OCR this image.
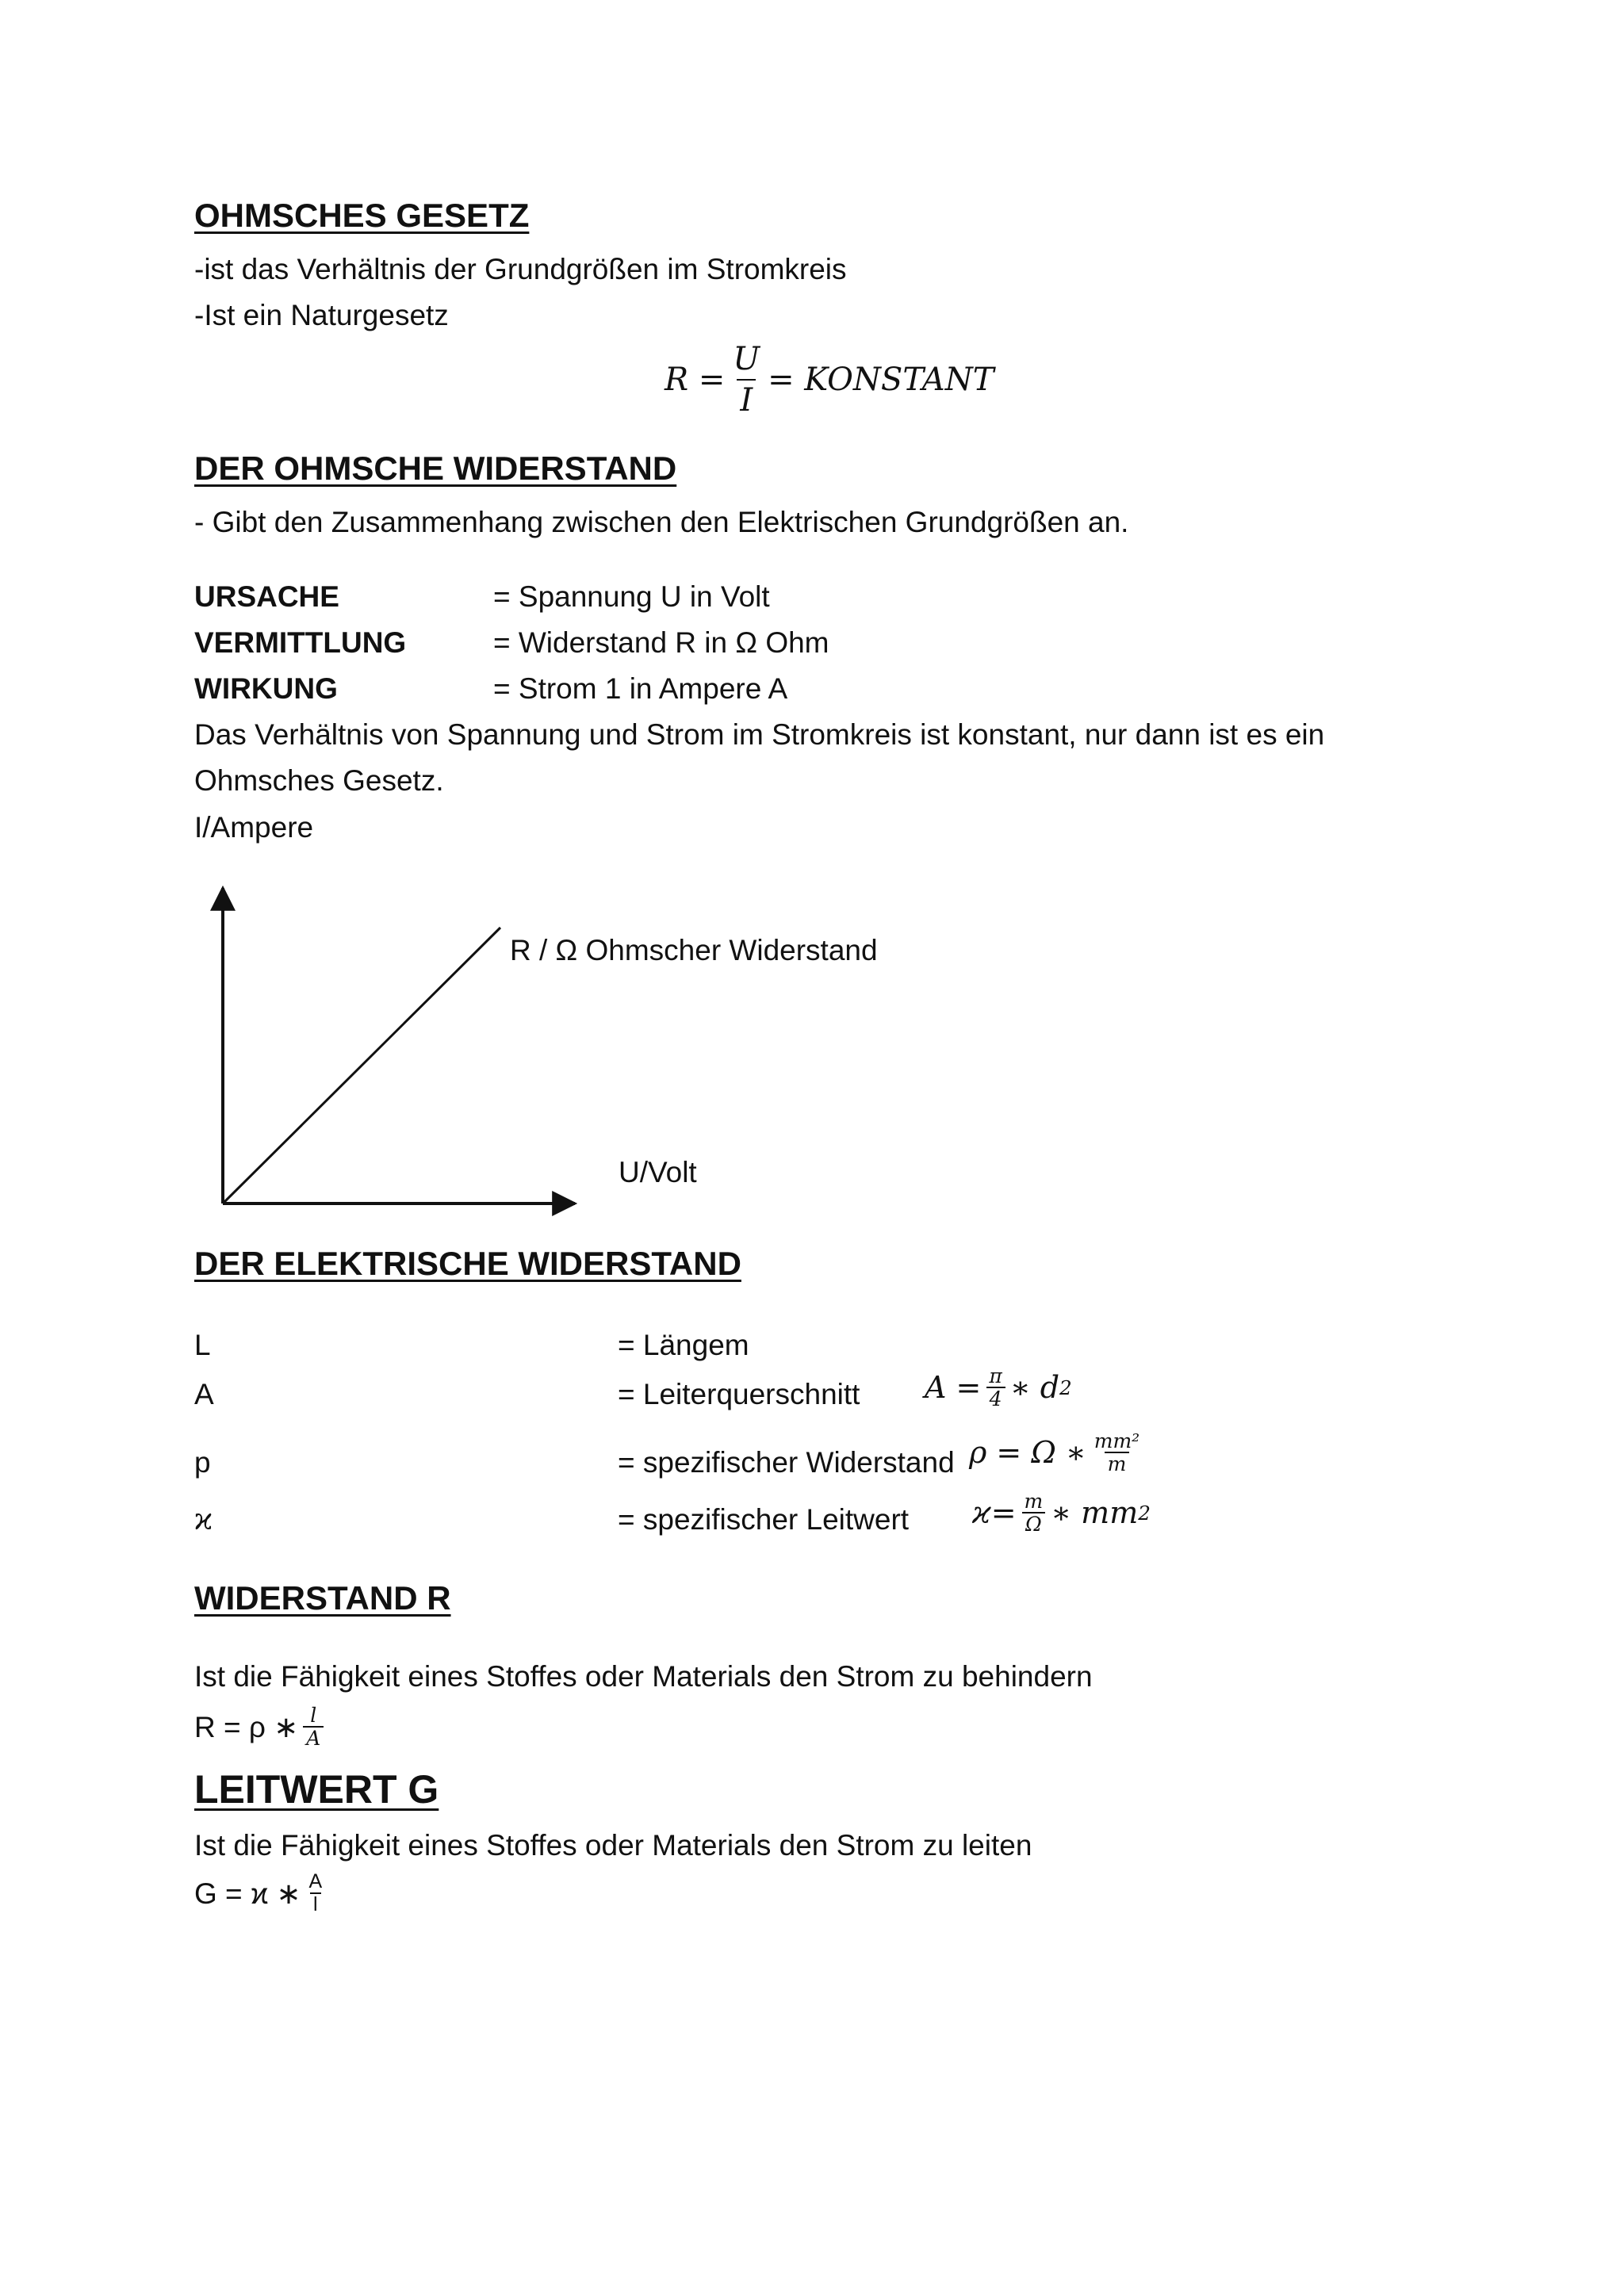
OHMSCHES GESETZ
-ist das Verhältnis der Grundgrößen im Stromkreis
-Ist ein Naturgesetz
$R = \frac{U}{I}$ = KONSTANT
DER OHMSCHE WIDERSTAND
- Gibt den Zusammenhang zwischen den Elektrischen Grundgrößen an.
URSACHE	= Spannung U in Volt
VERMITTLUNG	= Widerstand R in Ω Ohm
WIRKUNG	= Strom 1 in Ampere A
Das Verhältnis von Spannung und Strom im Stromkreis ist konstant, nur dann ist es ein
Ohmsches Gesetz.
I/Ampere
R / Ω Ohmscher Widerstand
U/Volt
DER ELEKTRISCHE WIDERSTAND
L	= Längem
A	= Leiterquerschnitt $A = \frac{\pi}{4}$ ∗ d 2
p	= spezifischer Widerstand ρ = Ω ∗ $\frac{\text{mm²}}{m}$
ϰ	= spezifischer Leitwert $ϰ= \frac{m}{\Omega}$ ∗ mm 2
WIDERSTAND R
Ist die Fähigkeit eines Stoffes oder Materials den Strom zu behindern
R = ρ ∗ $\frac{l}{A}$
LEITWERT G
Ist die Fähigkeit eines Stoffes oder Materials den Strom zu leiten
G = ϰ ∗ $\frac{A}{l}$
